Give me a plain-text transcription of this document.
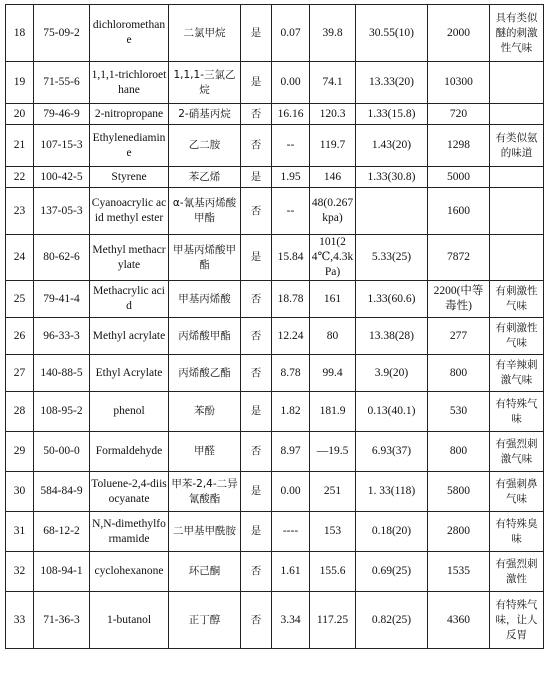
18	75-09-2	dichloromethane	二氯甲烷	是	0.07	39.8	30.55(10)	2000	具有类似醚的刺激性气味
19	71-55-6	1,1,1-trichloroethane	1,1,1-三氯乙烷	是	0.00	74.1	13.33(20)	10300	
20	79-46-9	2-nitropropane	2-硝基丙烷	否	16.16	120.3	1.33(15.8)	720	
21	107-15-3	Ethylenediamine	乙二胺	否	--	119.7	1.43(20)	1298	有类似氨的味道
22	100-42-5	Styrene	苯乙烯	是	1.95	146	1.33(30.8)	5000	
23	137-05-3	Cyanoacrylic acid methyl ester	α-氰基丙烯酸甲酯	否	--	48(0.267kpa)		1600	
24	80-62-6	Methyl methacrylate	甲基丙烯酸甲酯	是	15.84	101(24℃,4.3kPa)	5.33(25)	7872	
25	79-41-4	Methacrylic acid	甲基丙烯酸	否	18.78	161	1.33(60.6)	2200(中等毒性)	有刺激性气味
26	96-33-3	Methyl acrylate	丙烯酸甲酯	否	12.24	80	13.38(28)	277	有刺激性气味
27	140-88-5	Ethyl Acrylate	丙烯酸乙酯	否	8.78	99.4	3.9(20)	800	有辛辣刺激气味
28	108-95-2	phenol	苯酚	是	1.82	181.9	0.13(40.1)	530	有特殊气味
29	50-00-0	Formaldehyde	甲醛	否	8.97	—19.5	6.93(37)	800	有强烈刺激气味
30	584-84-9	Toluene-2,4-diisocyanate	甲苯-2,4-二异氰酸酯	是	0.00	251	1. 33(118)	5800	有强刺鼻气味
31	68-12-2	N,N-dimethylformamide	二甲基甲酰胺	是	----	153	0.18(20)	2800	有特殊臭味
32	108-94-1	cyclohexanone	环己酮	否	1.61	155.6	0.69(25)	1535	有强烈刺激性
33	71-36-3	1-butanol	正丁醇	否	3.34	117.25	0.82(25)	4360	有特殊气味，让人反胃
